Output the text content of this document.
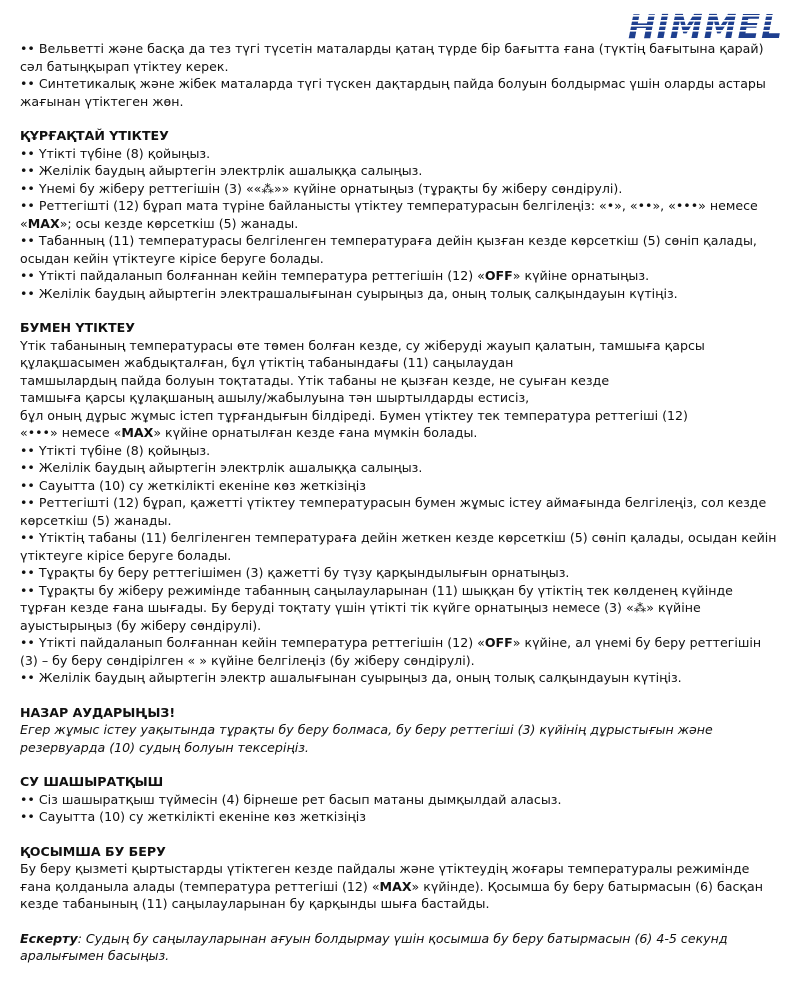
•• Вельветті және басқа да тез түгі түсетін маталарды қатаң түрде бір бағытта ғана (түктің бағытына қарай) сәл батыңқырап үтіктеу керек.

•• Синтетикалық және жібек маталарда түгі түскен дақтардың пайда болуын болдырмас үшін оларды астары жағынан үтіктеген жөн.

ҚҰРҒАҚТАЙ ҮТІКТЕУ

•• Үтікті түбіне (8) қойыңыз.

•• Желілік баудың айыртегін электрлік ашалыққа салыңыз.

•• Үнемі бу жіберу реттегішін (3) ««⁂»» күйіне орнатыңыз (тұрақты бу жіберу сөндірулі).

•• Реттегішті (12) бұрап мата түріне байланысты үтіктеу температурасын белгілеңіз: «•», «••», «•••» немесе «MAX»; осы кезде көрсеткіш (5) жанады.

•• Табанның (11) температурасы белгіленген температураға дейін қызған кезде көрсеткіш (5) сөніп қалады, осыдан кейін үтіктеуге кірісе беруге болады.

•• Үтікті пайдаланып болғаннан кейін температура реттегішін (12) «OFF» күйіне орнатыңыз.

•• Желілік баудың айыртегін электрашалығынан суырыңыз да, оның толық салқындауын күтіңіз.

БУМЕН ҮТІКТЕУ

Үтік табанының температурасы өте төмен болған кезде, су жіберуді жауып қалатын, тамшыға қарсы құлақшасымен жабдықталған, бұл үтіктің табанындағы (11) саңылаудан

тамшылардың пайда болуын тоқтатады. Үтік табаны не қызған кезде, не суыған кезде

тамшыға қарсы құлақшаның ашылу/жабылуына тән шыртылдарды естисіз,

бұл оның дұрыс жұмыс істеп тұрғандығын білдіреді. Бумен үтіктеу тек температура реттегіші (12)

«•••» немесе «MAX» күйіне орнатылған кезде ғана мүмкін болады.

•• Үтікті түбіне (8) қойыңыз.

•• Желілік баудың айыртегін электрлік ашалыққа салыңыз.

•• Сауытта (10) су жеткілікті екеніне көз жеткізіңіз

•• Реттегішті (12) бұрап, қажетті үтіктеу температурасын бумен жұмыс істеу аймағында белгілеңіз, сол кезде көрсеткіш (5) жанады.

•• Үтіктің табаны (11) белгіленген температураға дейін жеткен кезде көрсеткіш (5) сөніп қалады, осыдан кейін үтіктеуге кірісе беруге болады.

•• Тұрақты бу беру реттегішімен (3) қажетті бу түзу қарқындылығын орнатыңыз.

•• Тұрақты бу жіберу режимінде табанның саңылауларынан (11) шыққан бу үтіктің тек көлденең күйінде тұрған кезде ғана шығады. Бу беруді тоқтату үшін үтікті тік күйге орнатыңыз немесе (3) «⁂» күйіне ауыстырыңыз (бу жіберу сөндірулі).

•• Үтікті пайдаланып болғаннан кейін температура реттегішін (12) «OFF» күйіне, ал үнемі бу беру реттегішін (3) – бу беру сөндірілген « » күйіне белгілеңіз (бу жіберу сөндірулі).

•• Желілік баудың айыртегін электр ашалығынан суырыңыз да, оның толық салқындауын күтіңіз.

НАЗАР АУДАРЫҢЫЗ!

Егер жұмыс істеу уақытында тұрақты бу беру болмаса, бу беру реттегіші (3) күйінің дұрыстығын және резервуарда (10) судың болуын тексеріңіз.

СУ ШАШЫРАТҚЫШ

•• Сіз шашыратқыш түймесін (4) бірнеше рет басып матаны дымқылдай аласыз.

•• Сауытта (10) су жеткілікті екеніне көз жеткізіңіз

ҚОСЫМША БУ БЕРУ

Бу беру қызметі қыртыстарды үтіктеген кезде пайдалы және үтіктеудің жоғары температуралы режимінде ғана қолданыла алады (температура реттегіші (12) «MAX» күйінде). Қосымша бу беру батырмасын (6) басқан кезде табанының (11) саңылауларынан бу қарқынды шыға бастайды.

Ескерту: Судың бу саңылауларынан ағуын болдырмау үшін қосымша бу беру батырмасын (6) 4-5 секунд аралығымен басыңыз.
